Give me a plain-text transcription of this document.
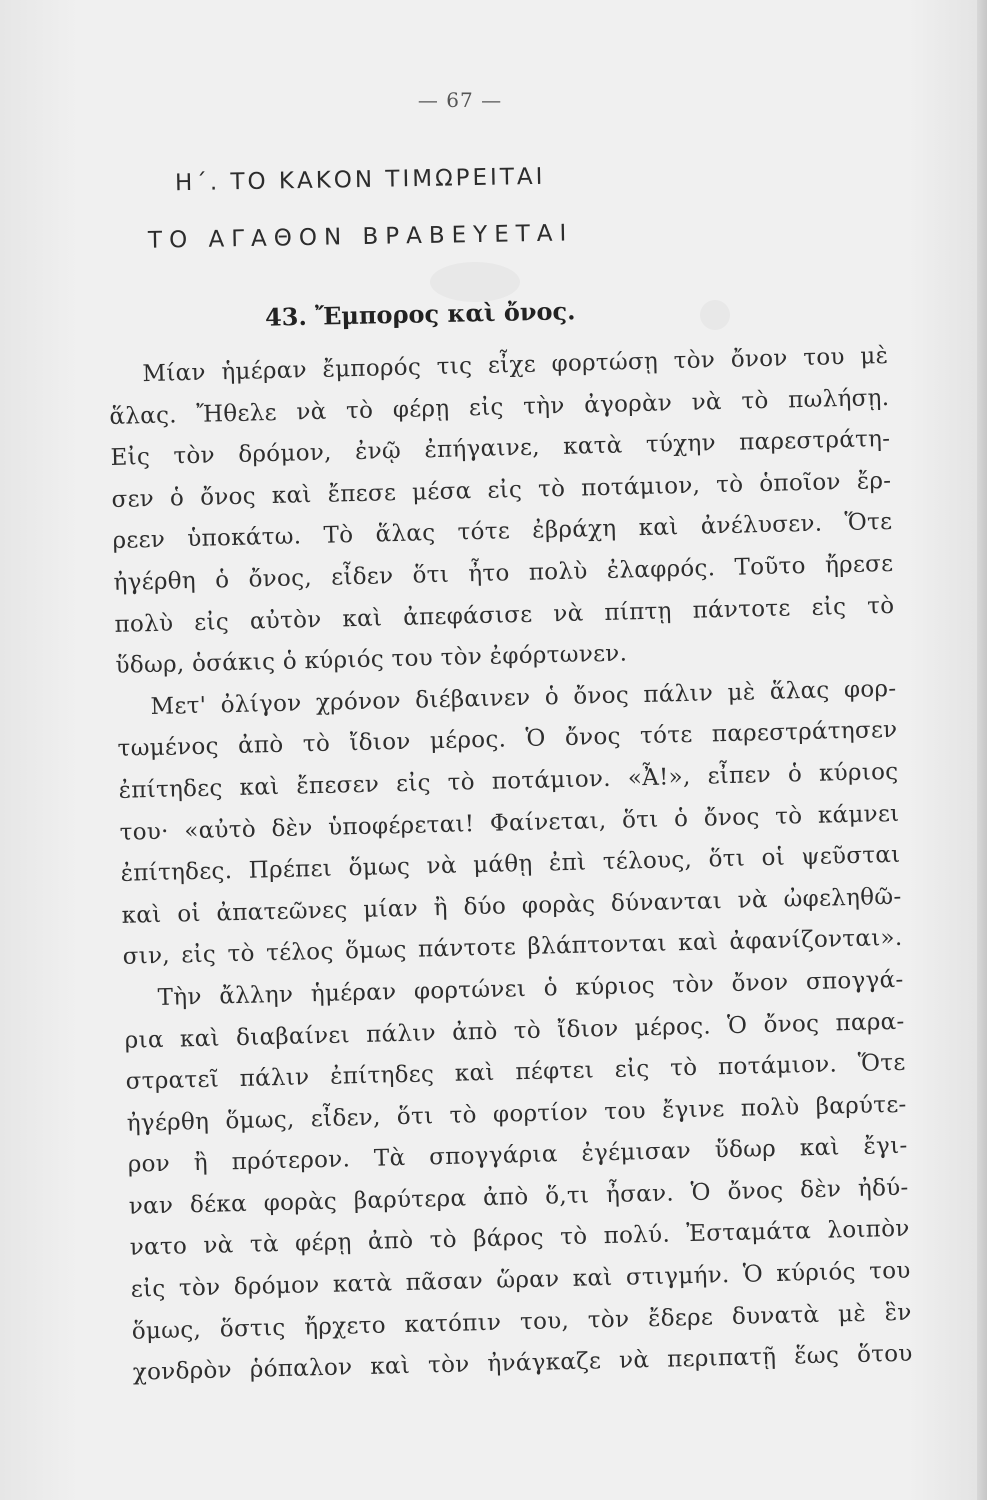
— 67 —
Η΄. ΤΟ ΚΑΚΟΝ ΤΙΜΩΡΕΙΤΑΙ
ΤΟ ΑΓΑΘΟΝ ΒΡΑΒΕΥΕΤΑΙ
43. Ἔμπορος καὶ ὄνος.
Μίαν ἡμέραν ἔμπορός τις εἶχε φορτώσῃ τὸν ὄνον του μὲ
ἅλας. Ἤθελε νὰ τὸ φέρῃ εἰς τὴν ἀγορὰν νὰ τὸ πωλήσῃ.
Εἰς τὸν δρόμον, ἐνῷ ἐπήγαινε, κατὰ τύχην παρεστράτη-
σεν ὁ ὄνος καὶ ἔπεσε μέσα εἰς τὸ ποτάμιον, τὸ ὁποῖον ἔρ-
ρεεν ὑποκάτω. Τὸ ἅλας τότε ἐβράχη καὶ ἀνέλυσεν. Ὅτε
ἠγέρθη ὁ ὄνος, εἶδεν ὅτι ἦτο πολὺ ἐλαφρός. Τοῦτο ἤρεσε
πολὺ εἰς αὐτὸν καὶ ἀπεφάσισε νὰ πίπτῃ πάντοτε εἰς τὸ
ὕδωρ, ὁσάκις ὁ κύριός του τὸν ἐφόρτωνεν.
Μετ' ὀλίγον χρόνον διέβαινεν ὁ ὄνος πάλιν μὲ ἅλας φορ-
τωμένος ἀπὸ τὸ ἴδιον μέρος. Ὁ ὄνος τότε παρεστράτησεν
ἐπίτηδες καὶ ἔπεσεν εἰς τὸ ποτάμιον. «Ἆ!», εἶπεν ὁ κύριος
του· «αὐτὸ δὲν ὑποφέρεται! Φαίνεται, ὅτι ὁ ὄνος τὸ κάμνει
ἐπίτηδες. Πρέπει ὅμως νὰ μάθῃ ἐπὶ τέλους, ὅτι οἱ ψεῦσται
καὶ οἱ ἀπατεῶνες μίαν ἢ δύο φορὰς δύνανται νὰ ὠφεληθῶ-
σιν, εἰς τὸ τέλος ὅμως πάντοτε βλάπτονται καὶ ἀφανίζονται».
Τὴν ἄλλην ἡμέραν φορτώνει ὁ κύριος τὸν ὄνον σπογγά-
ρια καὶ διαβαίνει πάλιν ἀπὸ τὸ ἴδιον μέρος. Ὁ ὄνος παρα-
στρατεῖ πάλιν ἐπίτηδες καὶ πέφτει εἰς τὸ ποτάμιον. Ὅτε
ἠγέρθη ὅμως, εἶδεν, ὅτι τὸ φορτίον του ἔγινε πολὺ βαρύτε-
ρον ἢ πρότερον. Τὰ σπογγάρια ἐγέμισαν ὕδωρ καὶ ἔγι-
ναν δέκα φορὰς βαρύτερα ἀπὸ ὅ,τι ἦσαν. Ὁ ὄνος δὲν ἠδύ-
νατο νὰ τὰ φέρῃ ἀπὸ τὸ βάρος τὸ πολύ. Ἐσταμάτα λοιπὸν
εἰς τὸν δρόμον κατὰ πᾶσαν ὥραν καὶ στιγμήν. Ὁ κύριός του
ὅμως, ὅστις ἤρχετο κατόπιν του, τὸν ἔδερε δυνατὰ μὲ ἓν
χονδρὸν ῥόπαλον καὶ τὸν ἠνάγκαζε νὰ περιπατῇ ἕως ὅτου
